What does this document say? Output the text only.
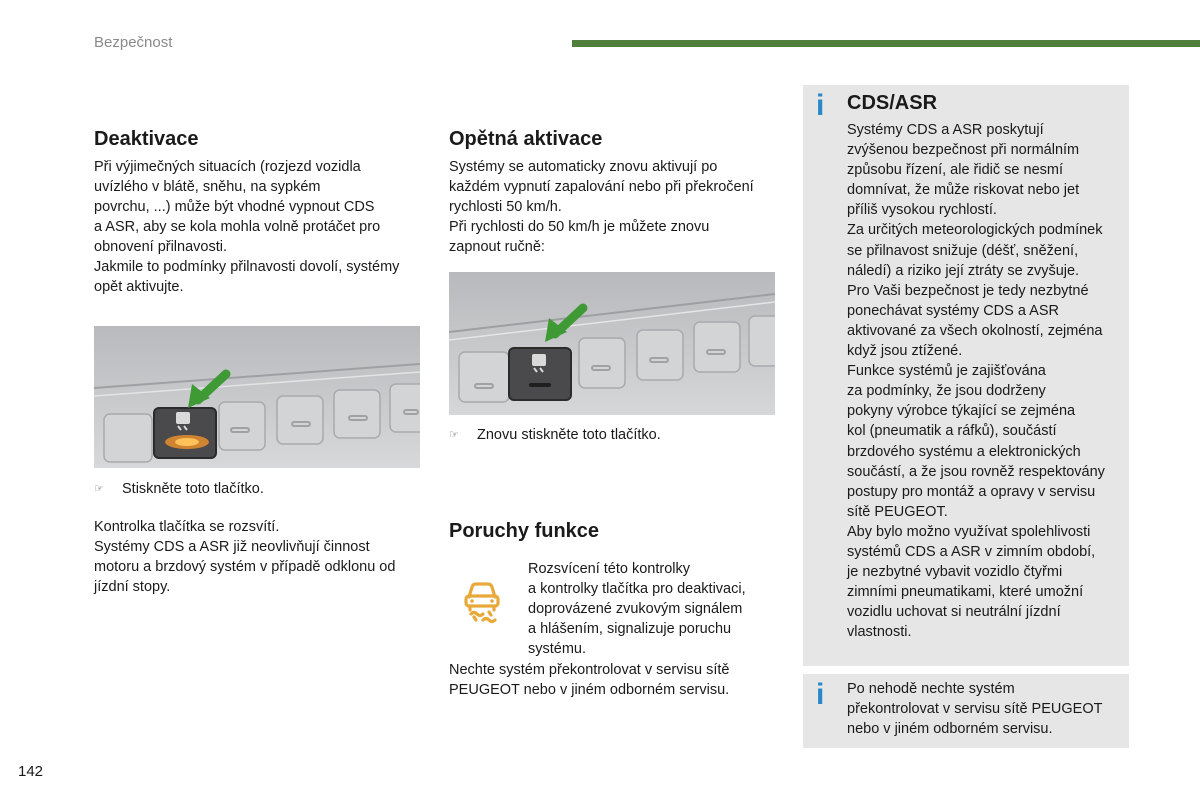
Bezpečnost
Deaktivace
Při výjimečných situacích (rozjezd vozidla
uvízlého v blátě, sněhu, na sypkém
povrchu, ...) může být vhodné vypnout CDS
a ASR, aby se kola mohla volně protáčet pro
obnovení přilnavosti.
Jakmile to podmínky přilnavosti dovolí, systémy
opět aktivujte.
☞ Stiskněte toto tlačítko.
Kontrolka tlačítka se rozsvítí.
Systémy CDS a ASR již neovlivňují činnost
motoru a brzdový systém v případě odklonu od
jízdní stopy.
Opětná aktivace
Systémy se automaticky znovu aktivují po
každém vypnutí zapalování nebo při překročení
rychlosti 50 km/h.
Při rychlosti do 50 km/h je můžete znovu
zapnout ručně:
☞ Znovu stiskněte toto tlačítko.
Poruchy funkce
Rozsvícení této kontrolky
a kontrolky tlačítka pro deaktivaci,
doprovázené zvukovým signálem
a hlášením, signalizuje poruchu
systému.
Nechte systém překontrolovat v servisu sítě
PEUGEOT nebo v jiném odborném servisu.
i CDS/ASR
Systémy CDS a ASR poskytují
zvýšenou bezpečnost při normálním
způsobu řízení, ale řidič se nesmí
domnívat, že může riskovat nebo jet
příliš vysokou rychlostí.
Za určitých meteorologických podmínek
se přilnavost snižuje (déšť, sněžení,
náledí) a riziko její ztráty se zvyšuje.
Pro Vaši bezpečnost je tedy nezbytné
ponechávat systémy CDS a ASR
aktivované za všech okolností, zejména
když jsou ztížené.
Funkce systémů je zajišťována
za podmínky, že jsou dodrženy
pokyny výrobce týkající se zejména
kol (pneumatik a ráfků), součástí
brzdového systému a elektronických
součástí, a že jsou rovněž respektovány
postupy pro montáž a opravy v servisu
sítě PEUGEOT.
Aby bylo možno využívat spolehlivosti
systémů CDS a ASR v zimním období,
je nezbytné vybavit vozidlo čtyřmi
zimními pneumatikami, které umožní
vozidlu uchovat si neutrální jízdní
vlastnosti.
i Po nehodě nechte systém
překontrolovat v servisu sítě PEUGEOT
nebo v jiném odborném servisu.
142
